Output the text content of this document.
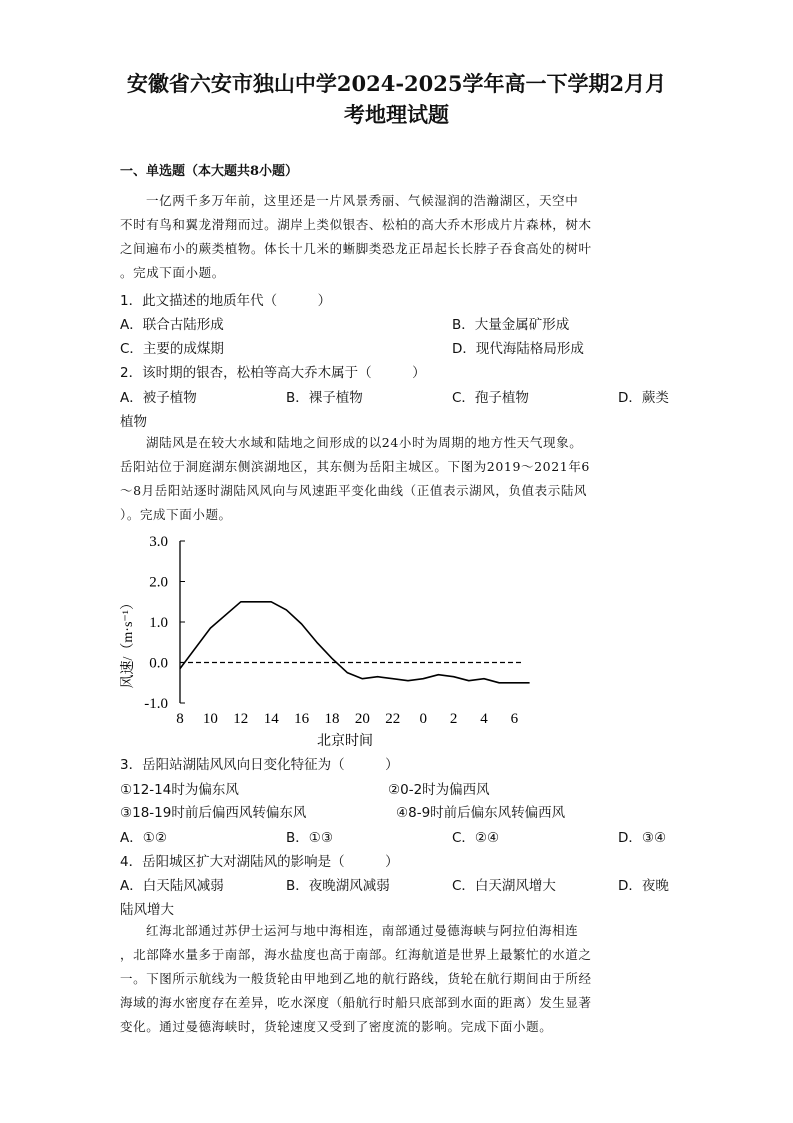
安徽省六安市独山中学2024-2025学年高一下学期2月月
考地理试题
一、单选题（本大题共8小题）
一亿两千多万年前，这里还是一片风景秀丽、气候湿润的浩瀚湖区，天空中
不时有鸟和翼龙滑翔而过。湖岸上类似银杏、松柏的高大乔木形成片片森林，树木
之间遍布小的蕨类植物。体长十几米的蜥脚类恐龙正昂起长长脖子吞食高处的树叶
。完成下面小题。
1．此文描述的地质年代（　　　）
A．联合古陆形成	B．大量金属矿形成
C．主要的成煤期	D．现代海陆格局形成
2．该时期的银杏，松柏等高大乔木属于（　　　）
A．被子植物	B．裸子植物	C．孢子植物	D．蕨类
植物
湖陆风是在较大水域和陆地之间形成的以24小时为周期的地方性天气现象。
岳阳站位于洞庭湖东侧滨湖地区，其东侧为岳阳主城区。下图为2019～2021年6
～8月岳阳站逐时湖陆风风向与风速距平变化曲线（正值表示湖风，负值表示陆风
）。完成下面小题。
3.0
2.0
1.0
0.0
-1.0
8 10 12 14 16 18 20 22 0 2 4 6
风速/（m·s⁻¹）
北京时间
3．岳阳站湖陆风风向日变化特征为（　　　）
①12-14时为偏东风	②0-2时为偏西风
③18-19时前后偏西风转偏东风	④8-9时前后偏东风转偏西风
A．①②	B．①③	C．②④	D．③④
4．岳阳城区扩大对湖陆风的影响是（　　　）
A．白天陆风减弱	B．夜晚湖风减弱	C．白天湖风增大	D．夜晚
陆风增大
红海北部通过苏伊士运河与地中海相连，南部通过曼德海峡与阿拉伯海相连
，北部降水量多于南部，海水盐度也高于南部。红海航道是世界上最繁忙的水道之
一。下图所示航线为一般货轮由甲地到乙地的航行路线，货轮在航行期间由于所经
海域的海水密度存在差异，吃水深度（船航行时船只底部到水面的距离）发生显著
变化。通过曼德海峡时，货轮速度又受到了密度流的影响。完成下面小题。
